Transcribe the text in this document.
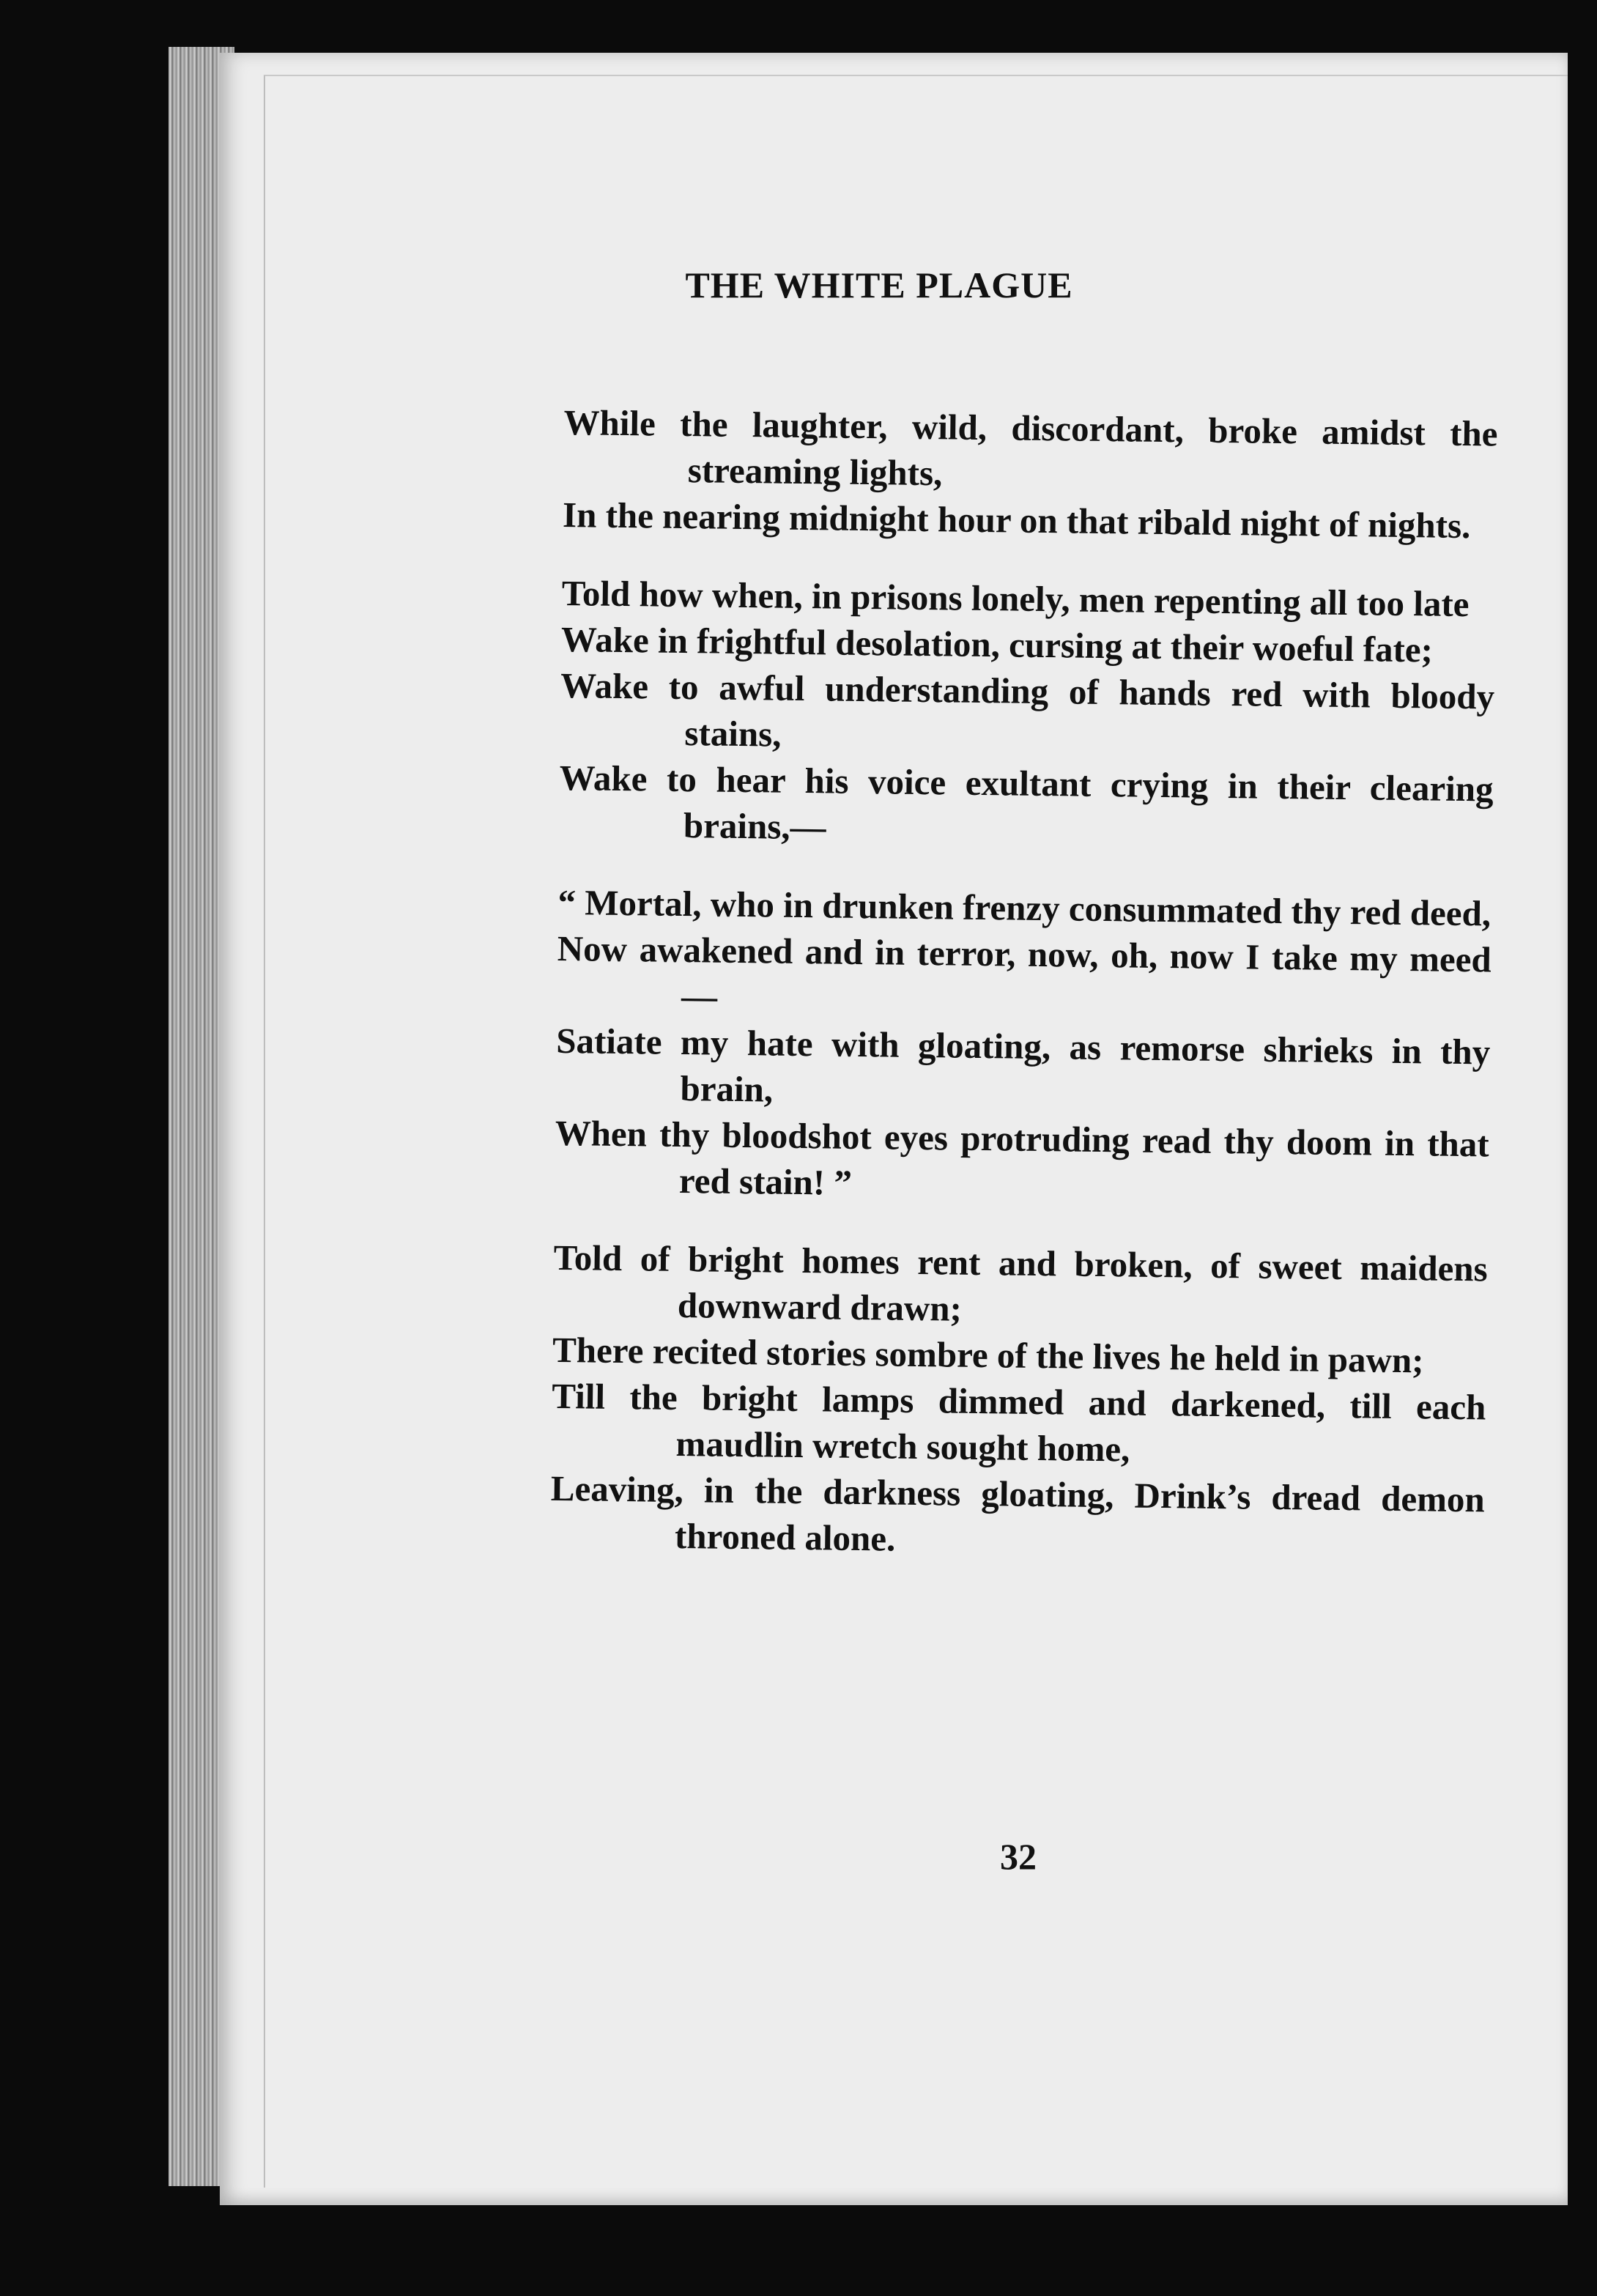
THE WHITE PLAGUE

While the laughter, wild, discordant, broke amidst the streaming lights,

In the nearing midnight hour on that ribald night of nights.

Told how when, in prisons lonely, men repenting all too late

Wake in frightful desolation, cursing at their woeful fate;

Wake to awful understanding of hands red with bloody stains,

Wake to hear his voice exultant crying in their clearing brains,—

“ Mortal, who in drunken frenzy consummated thy red deed,

Now awakened and in terror, now, oh, now I take my meed—

Satiate my hate with gloating, as remorse shrieks in thy brain,

When thy bloodshot eyes protruding read thy doom in that red stain! ”

Told of bright homes rent and broken, of sweet maidens downward drawn;

There recited stories sombre of the lives he held in pawn;

Till the bright lamps dimmed and darkened, till each maudlin wretch sought home,

Leaving, in the darkness gloating, Drink’s dread demon throned alone.

32
